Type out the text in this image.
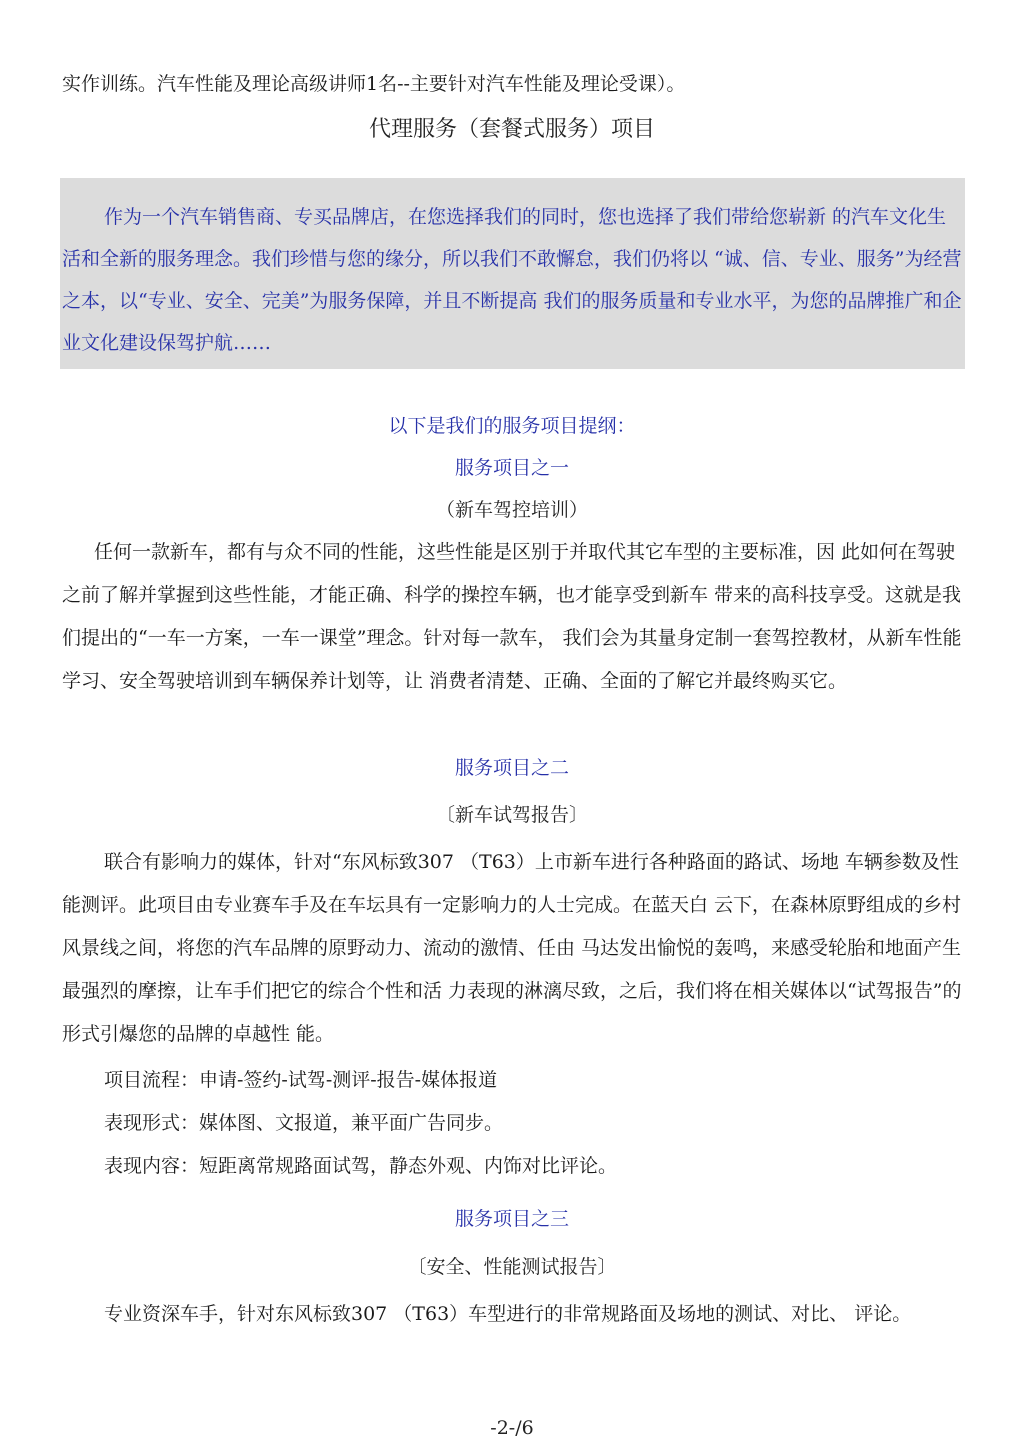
实作训练。汽车性能及理论高级讲师1名--主要针对汽车性能及理论受课）。
代理服务（套餐式服务）项目
作为一个汽车销售商、专买品牌店，在您选择我们的同时，您也选择了我们带给您崭新 的汽车文化生活和全新的服务理念。我们珍惜与您的缘分，所以我们不敢懈怠，我们仍将以 “诚、信、专业、服务”为经营之本，以“专业、安全、完美”为服务保障，并且不断提高 我们的服务质量和专业水平，为您的品牌推广和企业文化建设保驾护航……
以下是我们的服务项目提纲：
服务项目之一
（新车驾控培训）
任何一款新车，都有与众不同的性能，这些性能是区别于并取代其它车型的主要标准，因 此如何在驾驶之前了解并掌握到这些性能，才能正确、科学的操控车辆，也才能享受到新车 带来的高科技享受。这就是我们提出的“一车一方案，一车一课堂”理念。针对每一款车， 我们会为其量身定制一套驾控教材，从新车性能学习、安全驾驶培训到车辆保养计划等，让 消费者清楚、正确、全面的了解它并最终购买它。
服务项目之二
〔新车试驾报告〕
联合有影响力的媒体，针对“东风标致307 （T63）上市新车进行各种路面的路试、场地 车辆参数及性能测评。此项目由专业赛车手及在车坛具有一定影响力的人士完成。在蓝天白 云下，在森林原野组成的乡村风景线之间，将您的汽车品牌的原野动力、流动的激情、任由 马达发出愉悦的轰鸣，来感受轮胎和地面产生最强烈的摩擦，让车手们把它的综合个性和活 力表现的淋漓尽致，之后，我们将在相关媒体以“试驾报告”的形式引爆您的品牌的卓越性 能。
项目流程：申请-签约-试驾-测评-报告-媒体报道
表现形式：媒体图、文报道，兼平面广告同步。
表现内容：短距离常规路面试驾，静态外观、内饰对比评论。
服务项目之三
〔安全、性能测试报告〕
专业资深车手，针对东风标致307 （T63）车型进行的非常规路面及场地的测试、对比、 评论。
-2-/6
